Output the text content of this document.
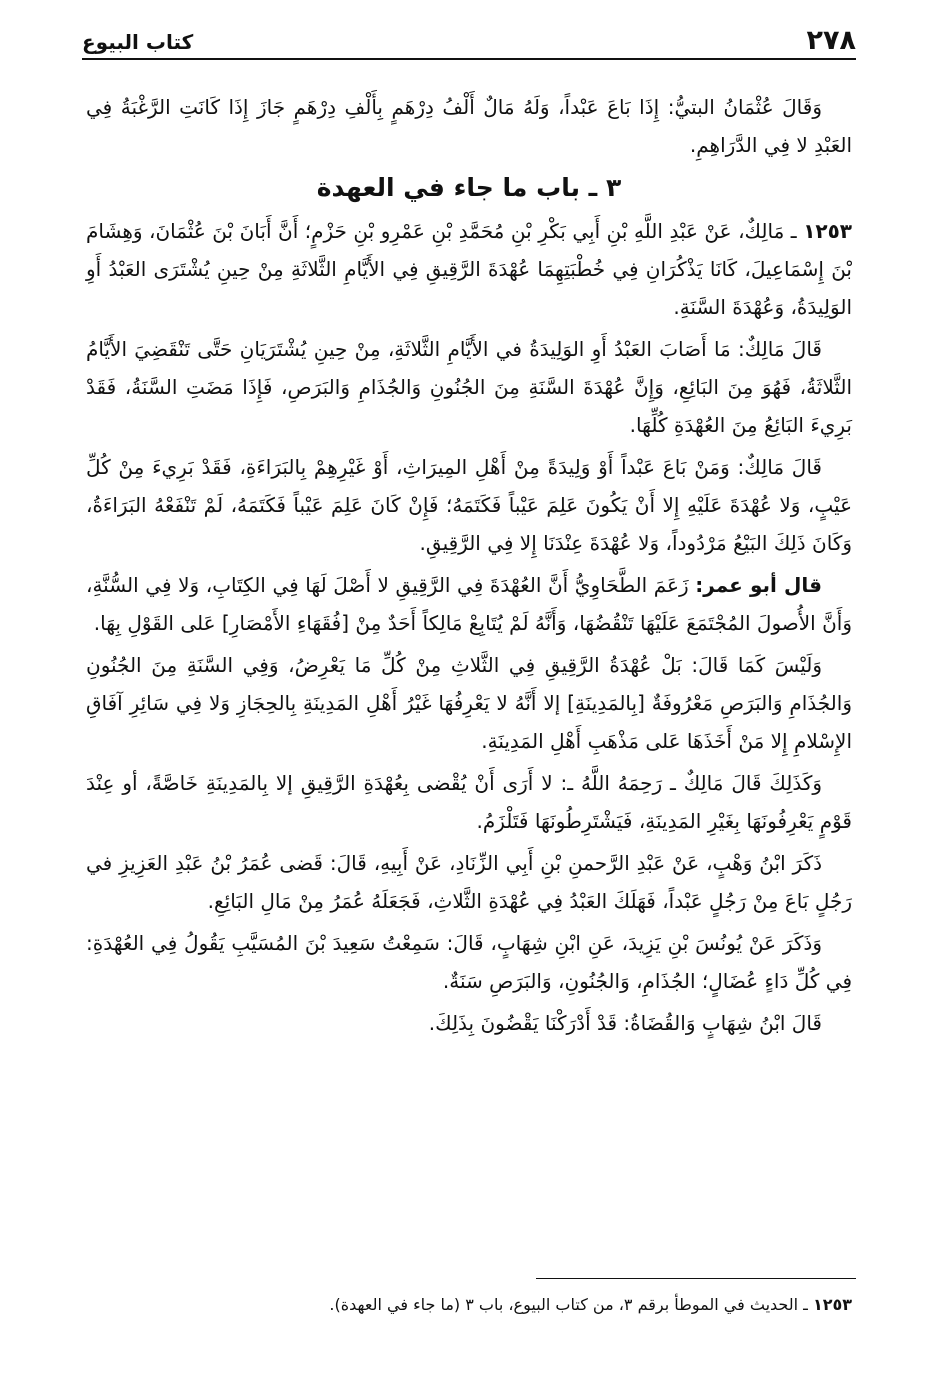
٢٧٨
كتاب البيوع

وَقَالَ عُثْمَانُ البتيُّ: إِذَا بَاعَ عَبْداً، وَلَهُ مَالٌ أَلْفُ دِرْهَمٍ بِأَلْفِ دِرْهَمٍ جَازَ إِذَا كَانَتِ الرَّغْبَةُ فِي العَبْدِ لا فِي الدَّرَاهِمِ.

٣ ـ باب ما جاء في العهدة

١٢٥٣ ـ مَالِكٌ، عَنْ عَبْدِ اللَّهِ بْنِ أَبِي بَكْرِ بْنِ مُحَمَّدِ بْنِ عَمْرِو بْنِ حَزْمٍ؛ أَنَّ أَبَانَ بْنَ عُثْمَانَ، وَهِشَامَ بْنَ إِسْمَاعِيلَ، كَانَا يَذْكُرَانِ فِي خُطْبَتِهِمَا عُهْدَةَ الرَّقِيقِ فِي الأَيَّامِ الثَّلاثَةِ مِنْ حِينِ يُشْتَرَى العَبْدُ أَوِ الوَلِيدَةُ، وَعُهْدَةَ السَّنَةِ.

قَالَ مَالِكٌ: مَا أَصَابَ العَبْدُ أَوِ الوَلِيدَةُ في الأَيَّامِ الثَّلاثَةِ، مِنْ حِينِ يُشْتَرَيَانِ حَتَّى تَنْقَضِيَ الأَيَّامُ الثَّلاثَةُ، فَهُوَ مِنَ البَائِعِ، وَإِنَّ عُهْدَةَ السَّنَةِ مِنَ الجُنُونِ وَالجُذَامِ وَالبَرَصِ، فَإِذَا مَضَتِ السَّنَةُ، فَقَدْ بَرِيءَ البَائِعُ مِنَ العُهْدَةِ كُلِّهَا.

قَالَ مَالِكٌ: وَمَنْ بَاعَ عَبْداً أَوْ وَلِيدَةً مِنْ أَهْلِ المِيرَاثِ، أَوْ غَيْرِهِمْ بِالبَرَاءَةِ، فَقَدْ بَرِيءَ مِنْ كُلِّ عَيْبٍ، وَلا عُهْدَةَ عَلَيْهِ إِلا أَنْ يَكُونَ عَلِمَ عَيْباً فَكَتَمَهُ؛ فَإِنْ كَانَ عَلِمَ عَيْباً فَكَتَمَهُ، لَمْ تَنْفَعْهُ البَرَاءَةُ، وَكَانَ ذَلِكَ البَيْعُ مَرْدُوداً، وَلا عُهْدَةَ عِنْدَنَا إِلا فِي الرَّقِيقِ.

قال أبو عمر: زَعَمَ الطَّحَاوِيُّ أَنَّ العُهْدَةَ فِي الرَّقِيقِ لا أَصْلَ لَهَا فِي الكِتَابِ، وَلا فِي السُّنَّةِ، وَأَنَّ الأُصولَ المُجْتَمَعَ عَلَيْهَا تَنْقُضُهَا، وَأَنَّهُ لَمْ يُتَابِعْ مَالِكاً أَحَدٌ مِنْ [فُقَهَاءِ الأَمْصَارِ] عَلى القَوْلِ بِهَا.

وَلَيْسَ كَمَا قَالَ: بَلْ عُهْدَةُ الرَّقِيقِ فِي الثَّلاثِ مِنْ كُلِّ مَا يَعْرِضُ، وَفِي السَّنَةِ مِنَ الجُنُونِ وَالجُذَامِ وَالبَرَصِ مَعْرُوفَةٌ [بِالمَدِينَةِ] إلا أَنَّهُ لا يَعْرِفُهَا غَيْرُ أَهْلِ المَدِينَةِ بِالحِجَازِ وَلا فِي سَائِرِ آفَاقِ الإِسْلامِ إِلا مَنْ أَخَذَهَا عَلى مَذْهَبِ أَهْلِ المَدِينَةِ.

وَكَذَلِكَ قَالَ مَالِكٌ ـ رَحِمَهُ اللَّهُ ـ: لا أَرَى أَنْ يُقْضى بِعُهْدَةِ الرَّقِيقِ إلا بِالمَدِينَةِ خَاصَّةً، أو عِنْدَ قَوْمٍ يَعْرِفُونَهَا بِغَيْرِ المَدِينَةِ، فَيَشْتَرِطُونَهَا فَتَلْزَمُ.

ذَكَرَ ابْنُ وَهْبٍ، عَنْ عَبْدِ الرَّحمنِ بْنِ أَبِي الزِّنَادِ، عَنْ أَبِيهِ، قَالَ: قَضى عُمَرُ بْنُ عَبْدِ العَزِيزِ في رَجُلٍ بَاعَ مِنْ رَجُلٍ عَبْداً، فَهَلَكَ العَبْدُ فِي عُهْدَةِ الثَّلاثِ، فَجَعَلَهُ عُمَرُ مِنْ مَالِ البَائِعِ.

وَذَكَرَ عَنْ يُونُسَ بْنِ يَزِيدَ، عَنِ ابْنِ شِهَابٍ، قَالَ: سَمِعْتُ سَعِيدَ بْنَ المُسَيَّبِ يَقُولُ فِي العُهْدَةِ: فِي كُلِّ دَاءٍ عُضَالٍ؛ الجُذَامِ، وَالجُنُونِ، وَالبَرَصِ سَنَةٌ.

قَالَ ابْنُ شِهَابٍ وَالقُضَاةُ: قَدْ أَدْرَكْنَا يَقْضُونَ بِذَلِكَ.

١٢٥٣ ـ الحديث في الموطأ برقم ٣، من كتاب البيوع، باب ٣ (ما جاء في العهدة).
